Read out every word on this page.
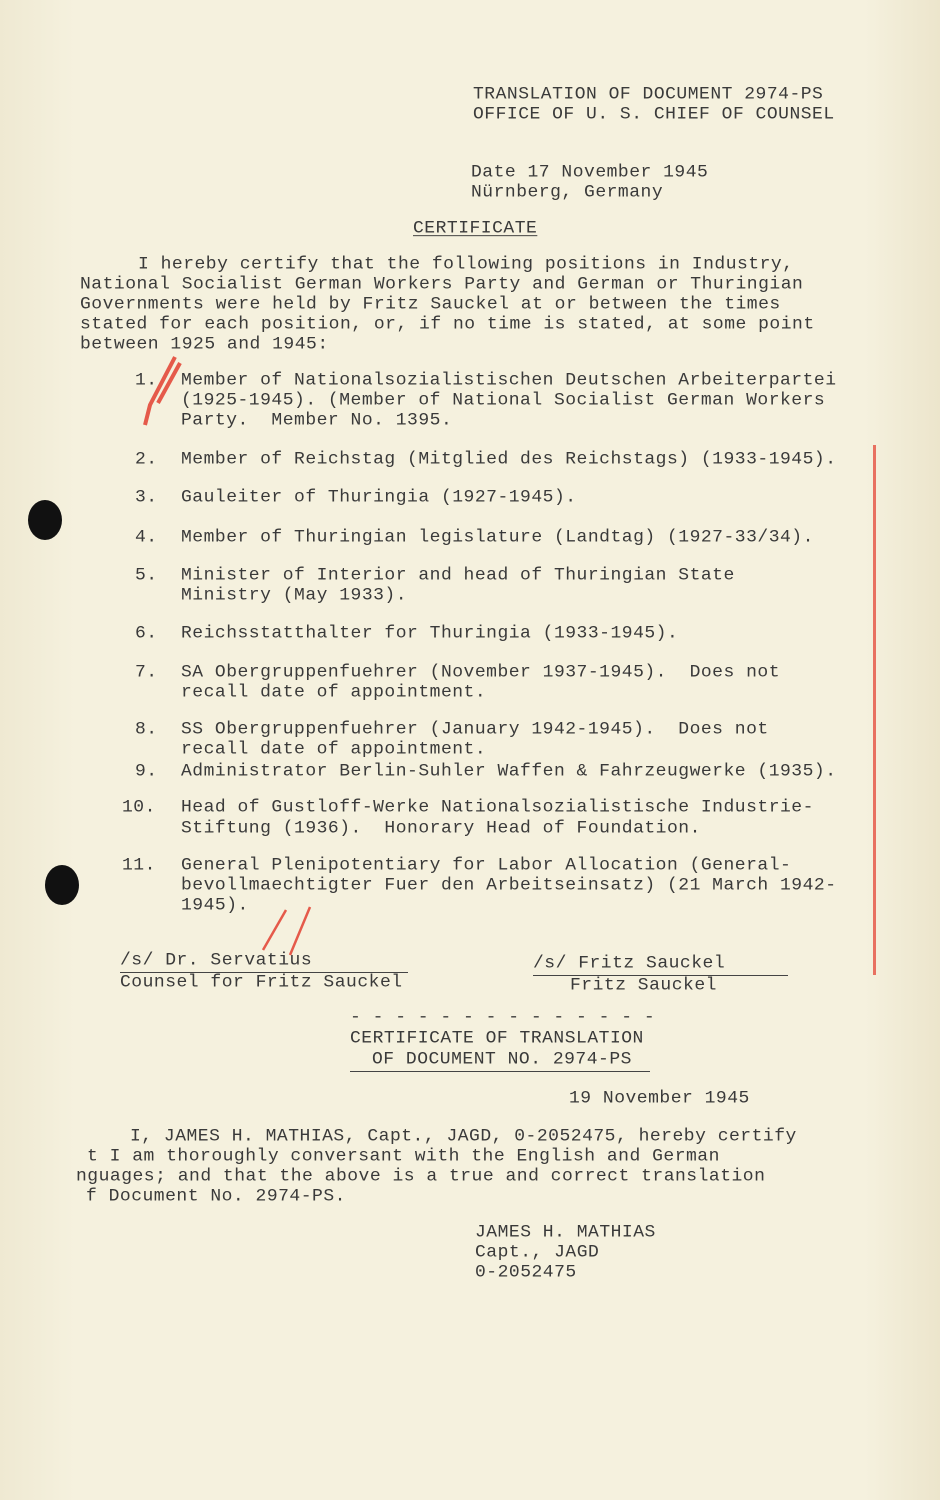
TRANSLATION OF DOCUMENT 2974-PS
OFFICE OF U. S. CHIEF OF COUNSEL
Date 17 November 1945
Nürnberg, Germany
CERTIFICATE
I hereby certify that the following positions in Industry,
National Socialist German Workers Party and German or Thuringian
Governments were held by Fritz Sauckel at or between the times
stated for each position, or, if no time is stated, at some point
between 1925 and 1945:
1. Member of Nationalsozialistischen Deutschen Arbeiterpartei
(1925-1945). (Member of National Socialist German Workers
Party.  Member No. 1395.
2. Member of Reichstag (Mitglied des Reichstags) (1933-1945).
3. Gauleiter of Thuringia (1927-1945).
4. Member of Thuringian legislature (Landtag) (1927-33/34).
5. Minister of Interior and head of Thuringian State
Ministry (May 1933).
6. Reichsstatthalter for Thuringia (1933-1945).
7. SA Obergruppenfuehrer (November 1937-1945).  Does not
recall date of appointment.
8. SS Obergruppenfuehrer (January 1942-1945).  Does not
recall date of appointment.
9. Administrator Berlin-Suhler Waffen & Fahrzeugwerke (1935).
10. Head of Gustloff-Werke Nationalsozialistische Industrie-
Stiftung (1936).  Honorary Head of Foundation.
11. General Plenipotentiary for Labor Allocation (General-
bevollmaechtigter Fuer den Arbeitseinsatz) (21 March 1942-
1945).
/s/ Dr. Servatius
Counsel for Fritz Sauckel
/s/ Fritz Sauckel
Fritz Sauckel
- - - - - - - - - - - - - -
CERTIFICATE OF TRANSLATION
OF DOCUMENT NO. 2974-PS
19 November 1945
I, JAMES H. MATHIAS, Capt., JAGD, 0-2052475, hereby certify
t I am thoroughly conversant with the English and German
nguages; and that the above is a true and correct translation
f Document No. 2974-PS.
JAMES H. MATHIAS
Capt., JAGD
0-2052475
